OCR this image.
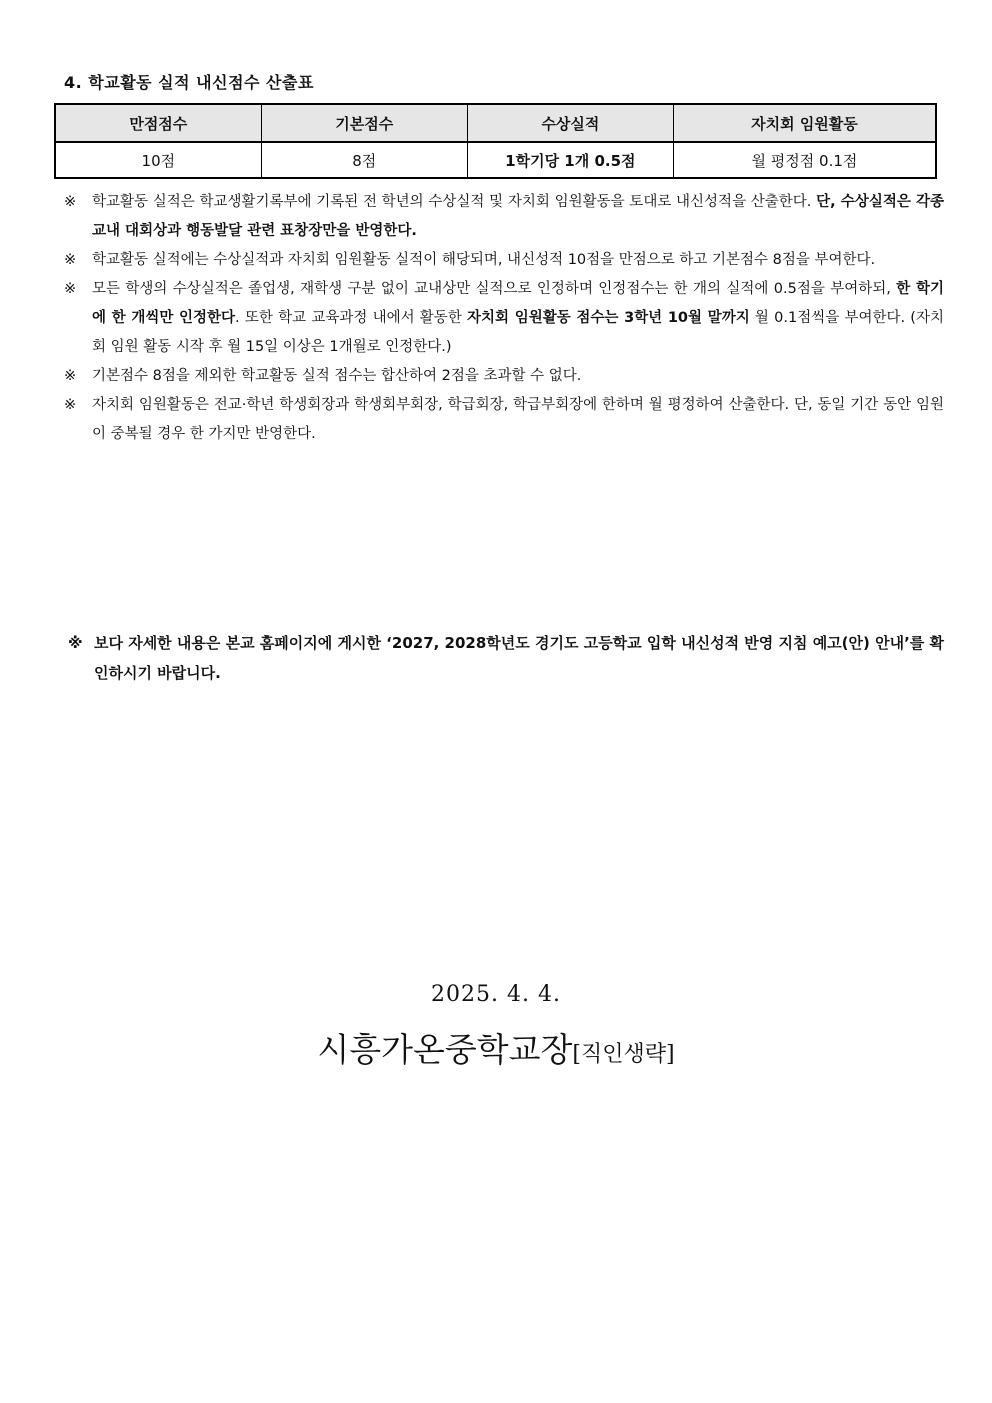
4. 학교활동 실적 내신점수 산출표
만점점수	기본점수	수상실적	자치회 임원활동
10점	8점	1학기당 1개 0.5점	월 평정점 0.1점
※ 학교활동 실적은 학교생활기록부에 기록된 전 학년의 수상실적 및 자치회 임원활동을 토대로 내신성적을 산출한다. 단, 수상실적은 각종 교내 대회상과 행동발달 관련 표창장만을 반영한다.
※ 학교활동 실적에는 수상실적과 자치회 임원활동 실적이 해당되며, 내신성적 10점을 만점으로 하고 기본점수 8점을 부여한다.
※ 모든 학생의 수상실적은 졸업생, 재학생 구분 없이 교내상만 실적으로 인정하며 인정점수는 한 개의 실적에 0.5점을 부여하되, 한 학기에 한 개씩만 인정한다. 또한 학교 교육과정 내에서 활동한 자치회 임원활동 점수는 3학년 10월 말까지 월 0.1점씩을 부여한다. (자치회 임원 활동 시작 후 월 15일 이상은 1개월로 인정한다.)
※ 기본점수 8점을 제외한 학교활동 실적 점수는 합산하여 2점을 초과할 수 없다.
※ 자치회 임원활동은 전교·학년 학생회장과 학생회부회장, 학급회장, 학급부회장에 한하며 월 평정하여 산출한다. 단, 동일 기간 동안 임원이 중복될 경우 한 가지만 반영한다.
※ 보다 자세한 내용은 본교 홈페이지에 게시한 ‘2027, 2028학년도 경기도 고등학교 입학 내신성적 반영 지침 예고(안) 안내’를 확인하시기 바랍니다.
2025. 4. 4.
시흥가온중학교장[직인생략]
